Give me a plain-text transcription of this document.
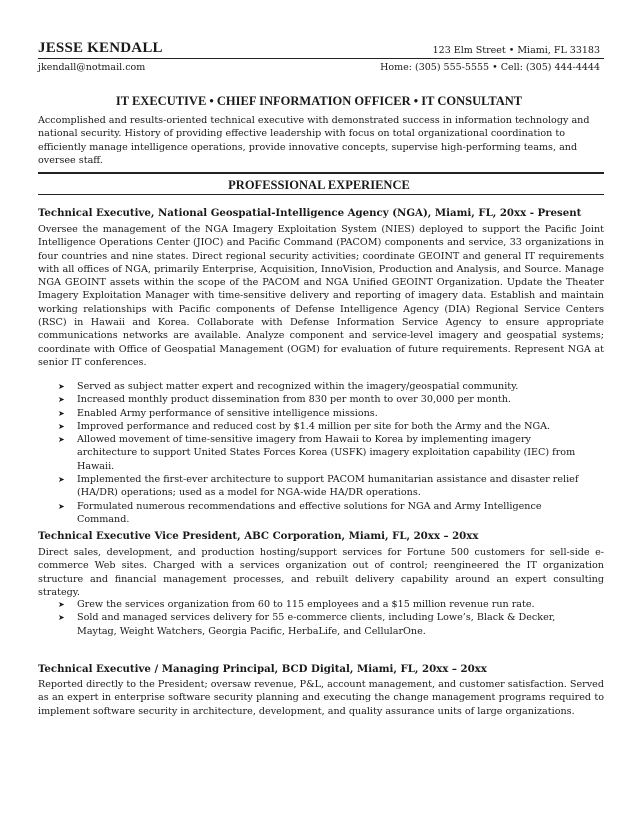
JESSE KENDALL	123 Elm Street • Miami, FL 33183
jkendall@notmail.com	Home: (305) 555-5555 • Cell: (305) 444-4444
IT EXECUTIVE • CHIEF INFORMATION OFFICER • IT CONSULTANT

Accomplished and results-oriented technical executive with demonstrated success in information technology and national security. History of providing effective leadership with focus on total organizational coordination to efficiently manage intelligence operations, provide innovative concepts, supervise high-performing teams, and oversee staff.

PROFESSIONAL EXPERIENCE

Technical Executive, National Geospatial-Intelligence Agency (NGA), Miami, FL, 20xx - Present

Oversee the management of the NGA Imagery Exploitation System (NIES) deployed to support the Pacific Joint Intelligence Operations Center (JIOC) and Pacific Command (PACOM) components and service, 33 organizations in four countries and nine states. Direct regional security activities; coordinate GEOINT and general IT requirements with all offices of NGA, primarily Enterprise, Acquisition, InnoVision, Production and Analysis, and Source. Manage NGA GEOINT assets within the scope of the PACOM and NGA Unified GEOINT Organization. Update the Theater Imagery Exploitation Manager with time-sensitive delivery and reporting of imagery data. Establish and maintain working relationships with Pacific components of Defense Intelligence Agency (DIA) Regional Service Centers (RSC) in Hawaii and Korea. Collaborate with Defense Information Service Agency to ensure appropriate communications networks are available. Analyze component and service-level imagery and geospatial systems; coordinate with Office of Geospatial Management (OGM) for evaluation of future requirements. Represent NGA at senior IT conferences.

➤ Served as subject matter expert and recognized within the imagery/geospatial community.
➤ Increased monthly product dissemination from 830 per month to over 30,000 per month.
➤ Enabled Army performance of sensitive intelligence missions.
➤ Improved performance and reduced cost by $1.4 million per site for both the Army and the NGA.
➤ Allowed movement of time-sensitive imagery from Hawaii to Korea by implementing imagery architecture to support United States Forces Korea (USFK) imagery exploitation capability (IEC) from Hawaii.
➤ Implemented the first-ever architecture to support PACOM humanitarian assistance and disaster relief (HA/DR) operations; used as a model for NGA-wide HA/DR operations.
➤ Formulated numerous recommendations and effective solutions for NGA and Army Intelligence Command.

Technical Executive Vice President, ABC Corporation, Miami, FL, 20xx – 20xx

Direct sales, development, and production hosting/support services for Fortune 500 customers for sell-side e-commerce Web sites. Charged with a services organization out of control; reengineered the IT organization structure and financial management processes, and rebuilt delivery capability around an expert consulting strategy.

➤ Grew the services organization from 60 to 115 employees and a $15 million revenue run rate.
➤ Sold and managed services delivery for 55 e-commerce clients, including Lowe’s, Black & Decker, Maytag, Weight Watchers, Georgia Pacific, HerbaLife, and CellularOne.

Technical Executive / Managing Principal, BCD Digital, Miami, FL, 20xx – 20xx

Reported directly to the President; oversaw revenue, P&L, account management, and customer satisfaction. Served as an expert in enterprise software security planning and executing the change management programs required to implement software security in architecture, development, and quality assurance units of large organizations.
